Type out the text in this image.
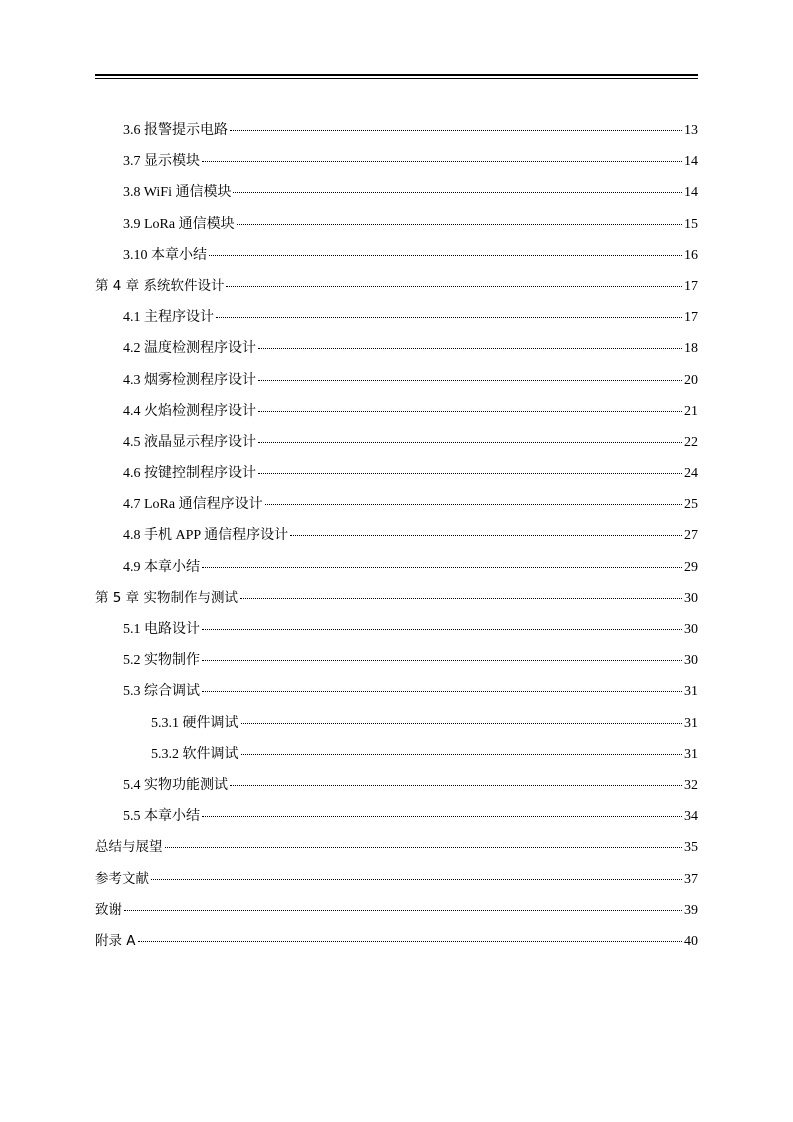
3.6 报警提示电路	13
3.7 显示模块	14
3.8 WiFi 通信模块	14
3.9 LoRa 通信模块	15
3.10 本章小结	16
第 4 章 系统软件设计	17
4.1 主程序设计	17
4.2 温度检测程序设计	18
4.3 烟雾检测程序设计	20
4.4 火焰检测程序设计	21
4.5 液晶显示程序设计	22
4.6 按键控制程序设计	24
4.7 LoRa 通信程序设计	25
4.8 手机 APP 通信程序设计	27
4.9 本章小结	29
第 5 章 实物制作与测试	30
5.1 电路设计	30
5.2 实物制作	30
5.3 综合调试	31
5.3.1 硬件调试	31
5.3.2 软件调试	31
5.4 实物功能测试	32
5.5 本章小结	34
总结与展望	35
参考文献	37
致谢	39
附录 A	40
